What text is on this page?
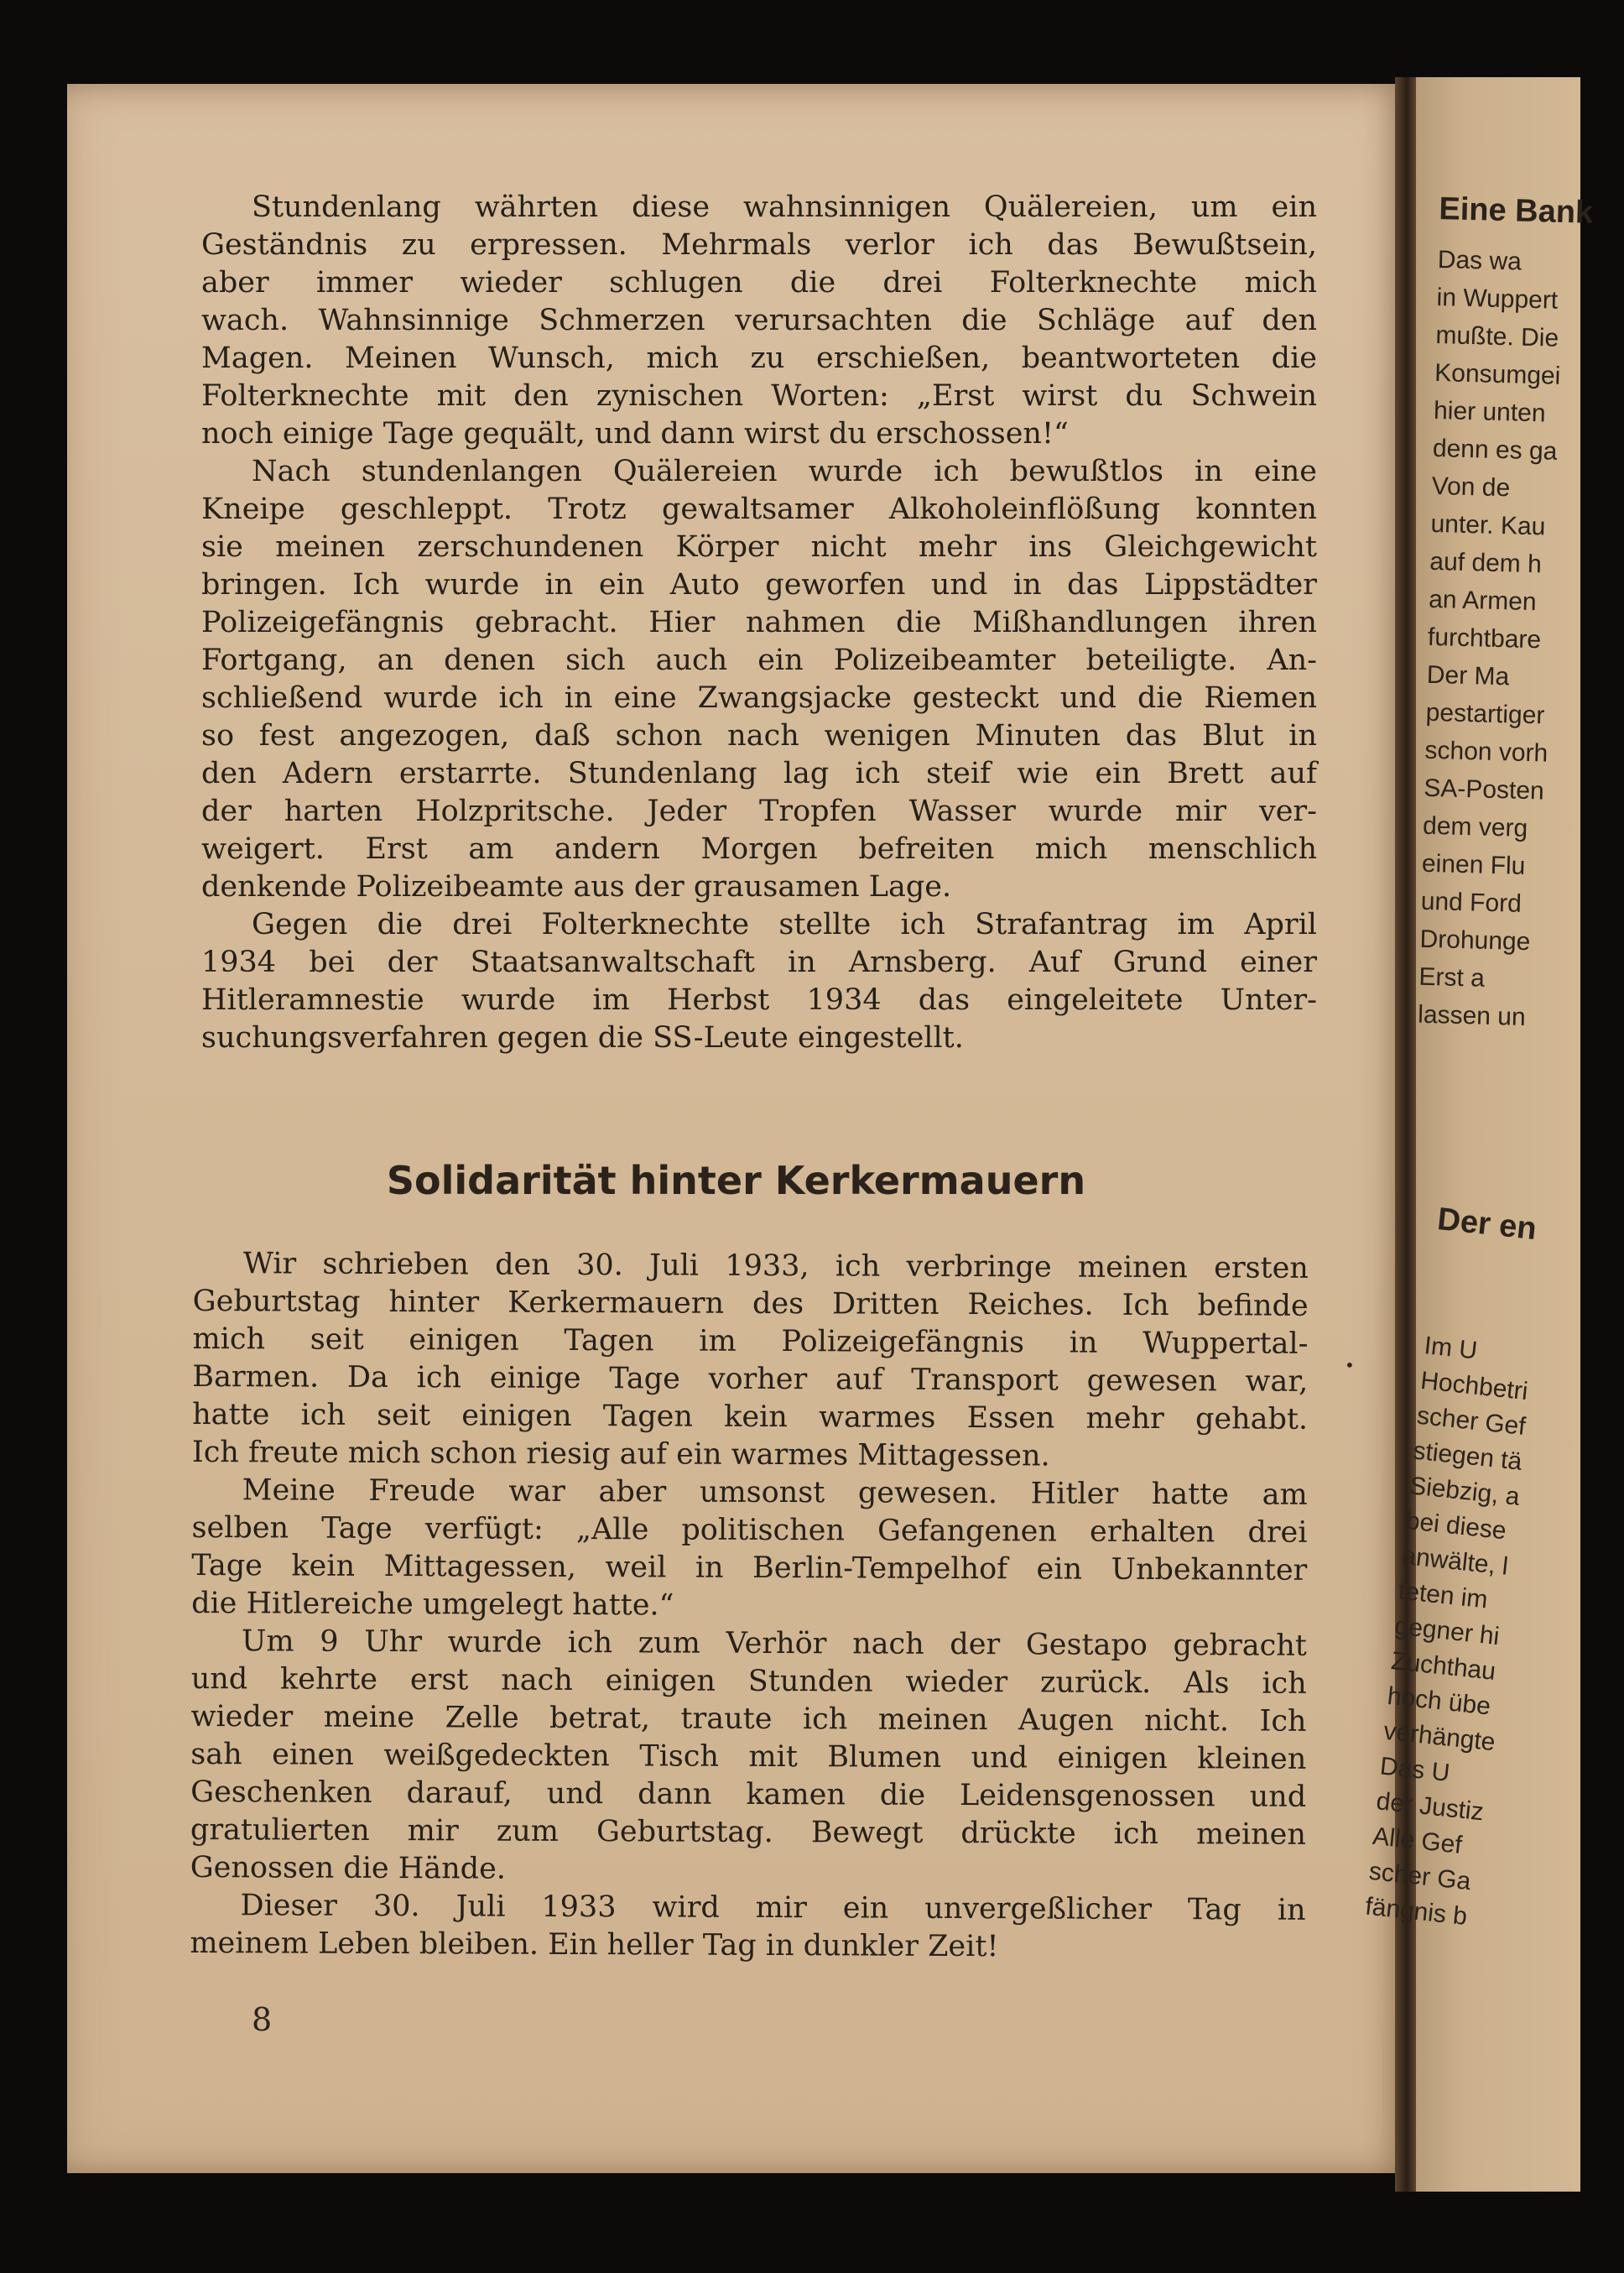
Eine Bank
Das wa
in Wuppert
mußte. Die
Konsumgei
hier unten
denn es ga
Von de
unter. Kau
auf dem h
an Armen
furchtbare
Der Ma
pestartiger
schon vorh
SA-Posten
dem verg
einen Flu
und Ford
Drohunge
Erst a
lassen un
Der en
Im U
Hochbetri
scher Gef
stiegen tä
Siebzig, a
bei diese
anwälte, l
teten im
gegner hi
Zuchthau
hoch übe
verhängte
Das U
der Justiz
Alle Gef
scher Ga
fängnis b

Stundenlang währten diese wahnsinnigen Quälereien, um ein
Geständnis zu erpressen. Mehrmals verlor ich das Bewußtsein,
aber immer wieder schlugen die drei Folterknechte mich
wach. Wahnsinnige Schmerzen verursachten die Schläge auf den
Magen. Meinen Wunsch, mich zu erschießen, beantworteten die
Folterknechte mit den zynischen Worten: „Erst wirst du Schwein
noch einige Tage gequält, und dann wirst du erschossen!“

Nach stundenlangen Quälereien wurde ich bewußtlos in eine
Kneipe geschleppt. Trotz gewaltsamer Alkoholeinflößung konnten
sie meinen zerschundenen Körper nicht mehr ins Gleichgewicht
bringen. Ich wurde in ein Auto geworfen und in das Lippstädter
Polizeigefängnis gebracht. Hier nahmen die Mißhandlungen ihren
Fortgang, an denen sich auch ein Polizeibeamter beteiligte. An-
schließend wurde ich in eine Zwangsjacke gesteckt und die Riemen
so fest angezogen, daß schon nach wenigen Minuten das Blut in
den Adern erstarrte. Stundenlang lag ich steif wie ein Brett auf
der harten Holzpritsche. Jeder Tropfen Wasser wurde mir ver-
weigert. Erst am andern Morgen befreiten mich menschlich
denkende Polizeibeamte aus der grausamen Lage.

Gegen die drei Folterknechte stellte ich Strafantrag im April
1934 bei der Staatsanwaltschaft in Arnsberg. Auf Grund einer
Hitleramnestie wurde im Herbst 1934 das eingeleitete Unter-
suchungsverfahren gegen die SS-Leute eingestellt.

Solidarität hinter Kerkermauern

Wir schrieben den 30. Juli 1933, ich verbringe meinen ersten
Geburtstag hinter Kerkermauern des Dritten Reiches. Ich befinde
mich seit einigen Tagen im Polizeigefängnis in Wuppertal-
Barmen. Da ich einige Tage vorher auf Transport gewesen war,
hatte ich seit einigen Tagen kein warmes Essen mehr gehabt.
Ich freute mich schon riesig auf ein warmes Mittagessen.

Meine Freude war aber umsonst gewesen. Hitler hatte am
selben Tage verfügt: „Alle politischen Gefangenen erhalten drei
Tage kein Mittagessen, weil in Berlin-Tempelhof ein Unbekannter
die Hitlereiche umgelegt hatte.“

Um 9 Uhr wurde ich zum Verhör nach der Gestapo gebracht
und kehrte erst nach einigen Stunden wieder zurück. Als ich
wieder meine Zelle betrat, traute ich meinen Augen nicht. Ich
sah einen weißgedeckten Tisch mit Blumen und einigen kleinen
Geschenken darauf, und dann kamen die Leidensgenossen und
gratulierten mir zum Geburtstag. Bewegt drückte ich meinen
Genossen die Hände.

Dieser 30. Juli 1933 wird mir ein unvergeßlicher Tag in
meinem Leben bleiben. Ein heller Tag in dunkler Zeit!

8

•
